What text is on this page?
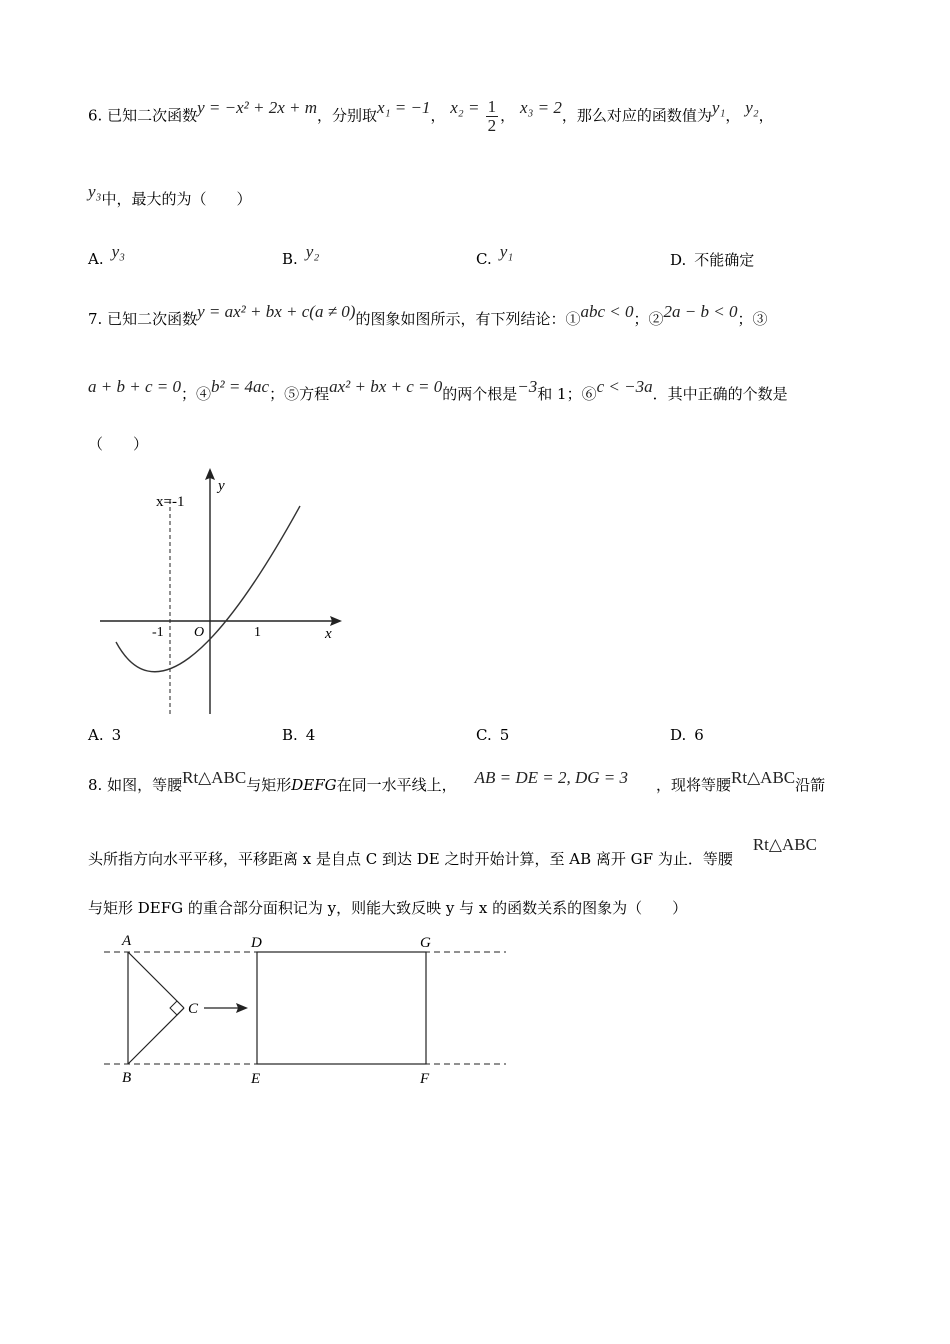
6. 已知二次函数y = −x² + 2x + m，分别取x₁ = −1， $x_2 = \frac{1}{2}$ ， x₃ = 2，那么对应的函数值为y₁， y₂，
y₃中，最大的为（　　）
A. y₃	B. y₂	C. y₁	D. 不能确定
7. 已知二次函数y = ax² + bx + c(a ≠ 0)的图象如图所示，有下列结论：①abc < 0；②2a − b < 0；③
a + b + c = 0；④b² = 4ac；⑤方程ax² + bx + c = 0的两个根是−3和 1；⑥c < −3a．其中正确的个数是
（　　）
y
x
O
-1	1
x=-1
A. 3	B. 4	C. 5	D. 6
8. 如图，等腰Rt△ABC与矩形DEFG在同一水平线上， AB = DE = 2, DG = 3 ，现将等腰Rt△ABC沿箭
头所指方向水平平移，平移距离 x 是自点 C 到达 DE 之时开始计算，至 AB 离开 GF 为止．等腰Rt△ABC
与矩形 DEFG 的重合部分面积记为 y，则能大致反映 y 与 x 的函数关系的图象为（　　）
A
B
C
D
E	F
G
